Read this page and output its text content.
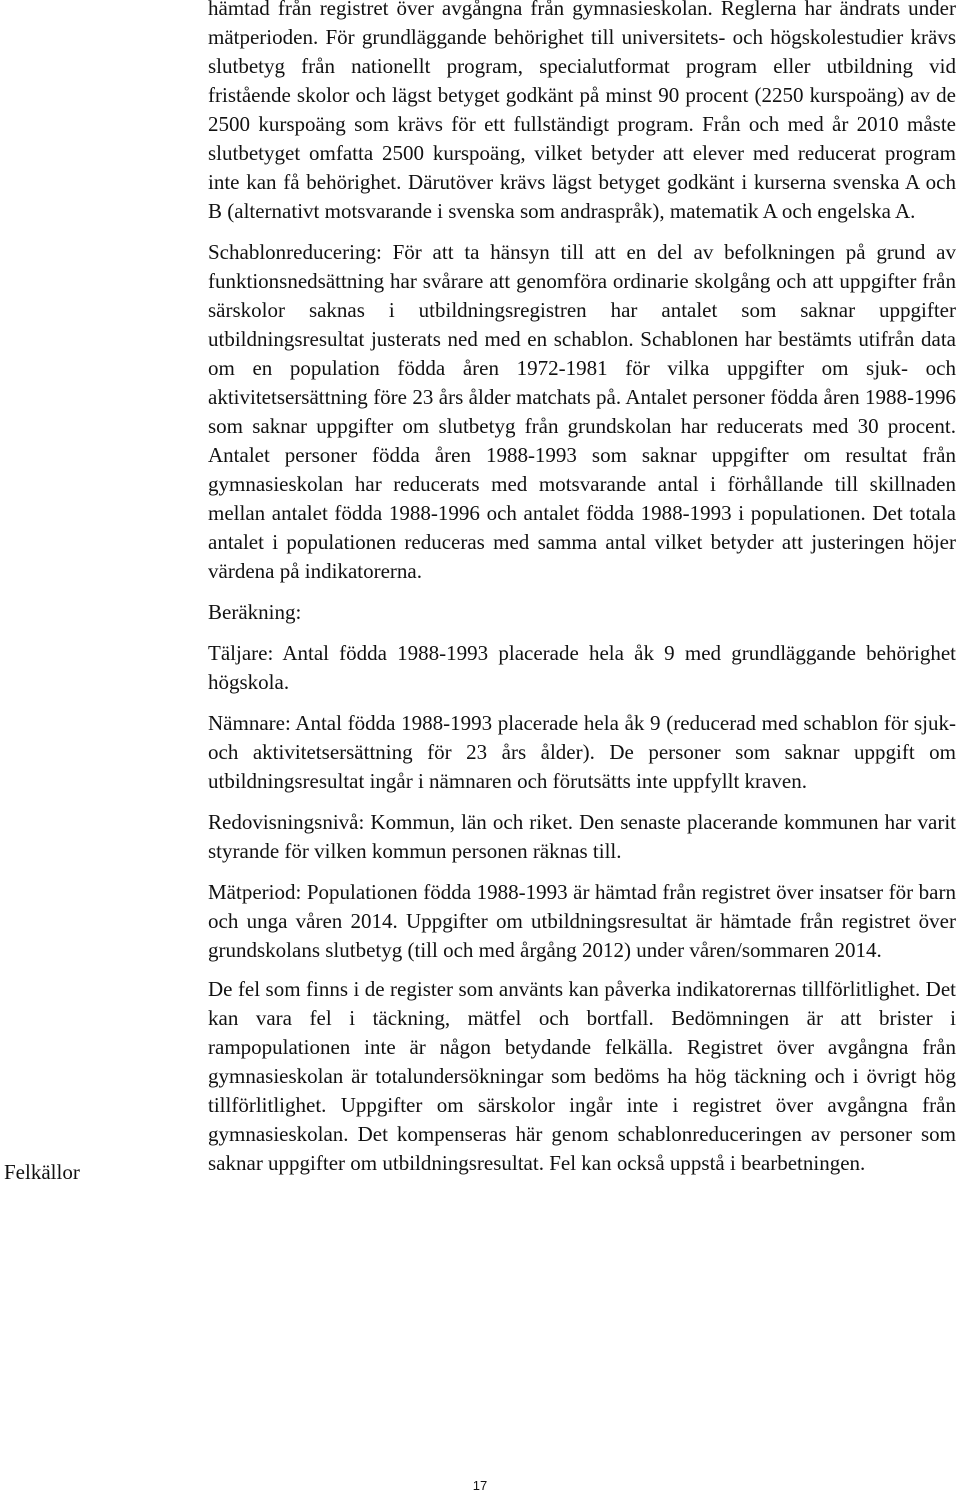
hämtad från registret över avgångna från gymnasieskolan. Reglerna har ändrats under mätperioden. För grundläggande behörighet till universitets- och högskolestudier krävs slutbetyg från nationellt program, specialutformat program eller utbildning vid fristående skolor och lägst betyget godkänt på minst 90 procent (2250 kurspoäng) av de 2500 kurspoäng som krävs för ett fullständigt program. Från och med år 2010 måste slutbetyget omfatta 2500 kurspoäng, vilket betyder att elever med reducerat program inte kan få behörighet. Därutöver krävs lägst betyget godkänt i kurserna svenska A och B (alternativt motsvarande i svenska som andraspråk), matematik A och engelska A.

Schablonreducering: För att ta hänsyn till att en del av befolkningen på grund av funktionsnedsättning har svårare att genomföra ordinarie skolgång och att uppgifter från särskolor saknas i utbildningsregistren har antalet som saknar uppgifter utbildningsresultat justerats ned med en schablon. Schablonen har bestämts utifrån data om en population födda åren 1972-1981 för vilka uppgifter om sjuk- och aktivitetsersättning före 23 års ålder matchats på. Antalet personer födda åren 1988-1996 som saknar uppgifter om slutbetyg från grundskolan har reducerats med 30 procent. Antalet personer födda åren 1988-1993 som saknar uppgifter om resultat från gymnasieskolan har reducerats med motsvarande antal i förhållande till skillnaden mellan antalet födda 1988-1996 och antalet födda 1988-1993 i populationen. Det totala antalet i populationen reduceras med samma antal vilket betyder att justeringen höjer värdena på indikatorerna.

Beräkning:

Täljare: Antal födda 1988-1993 placerade hela åk 9 med grundläggande behörighet högskola.

Nämnare: Antal födda 1988-1993 placerade hela åk 9 (reducerad med schablon för sjuk- och aktivitetsersättning för 23 års ålder). De personer som saknar uppgift om utbildningsresultat ingår i nämnaren och förutsätts inte uppfyllt kraven.

Redovisningsnivå: Kommun, län och riket. Den senaste placerande kommunen har varit styrande för vilken kommun personen räknas till.

Mätperiod: Populationen födda 1988-1993 är hämtad från registret över insatser för barn och unga våren 2014. Uppgifter om utbildningsresultat är hämtade från registret över grundskolans slutbetyg (till och med årgång 2012) under våren/sommaren 2014.

De fel som finns i de register som använts kan påverka indikatorernas tillförlitlighet. Det kan vara fel i täckning, mätfel och bortfall. Bedömningen är att brister i rampopulationen inte är någon betydande felkälla. Registret över avgångna från gymnasieskolan är totalundersökningar som bedöms ha hög täckning och i övrigt hög tillförlitlighet. Uppgifter om särskolor ingår inte i registret över avgångna från gymnasieskolan. Det kompenseras här genom schablonreduceringen av personer som saknar uppgifter om utbildningsresultat. Fel kan också uppstå i bearbetningen.

Felkällor
17
